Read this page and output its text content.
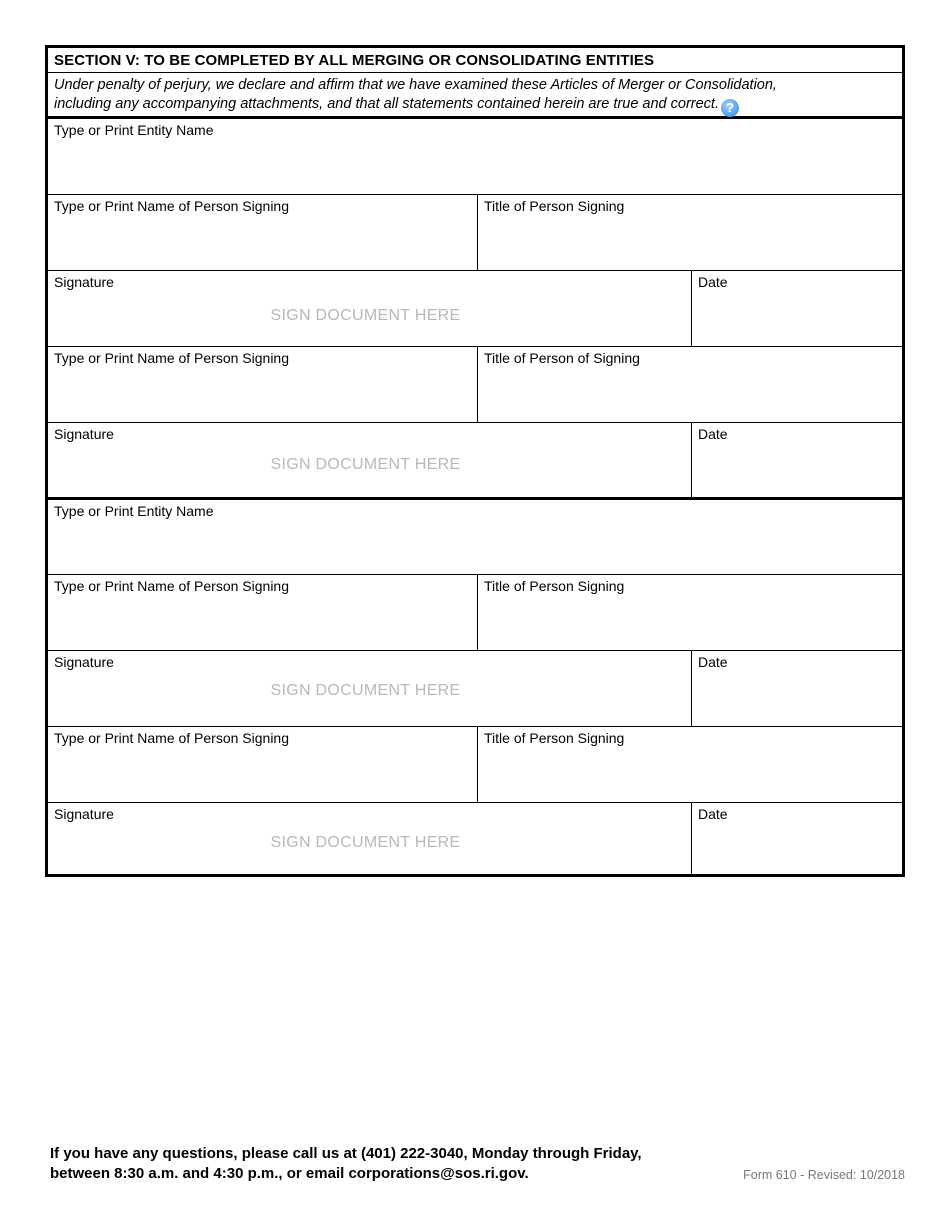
SECTION V: TO BE COMPLETED BY ALL MERGING OR CONSOLIDATING ENTITIES
Under penalty of perjury, we declare and affirm that we have examined these Articles of Merger or Consolidation,
including any accompanying attachments, and that all statements contained herein are true and correct. ?
Type or Print Entity Name
Type or Print Name of Person Signing	Title of Person Signing
Signature
SIGN DOCUMENT HERE
Date
Type or Print Name of Person Signing	Title of Person of Signing
Signature
SIGN DOCUMENT HERE
Date
Type or Print Entity Name
Type or Print Name of Person Signing	Title of Person Signing
Signature
SIGN DOCUMENT HERE
Date
Type or Print Name of Person Signing	Title of Person Signing
Signature
SIGN DOCUMENT HERE
Date
If you have any questions, please call us at (401) 222-3040, Monday through Friday,
between 8:30 a.m. and 4:30 p.m., or email corporations@sos.ri.gov.	Form 610 - Revised: 10/2018
